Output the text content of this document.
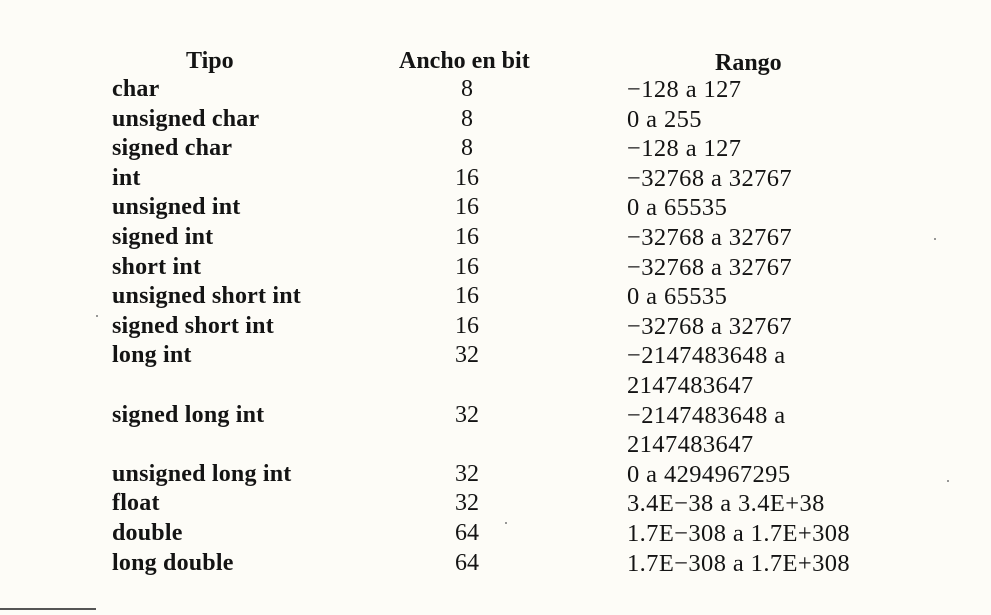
Tipo	Ancho en bit	Rango
char	8	−128 a 127
unsigned char	8	0 a 255
signed char	8	−128 a 127
int	16	−32768 a 32767
unsigned int	16	0 a 65535
signed int	16	−32768 a 32767
short int	16	−32768 a 32767
unsigned short int	16	0 a 65535
signed short int	16	−32768 a 32767
long int	32	−2147483648 a 2147483647
signed long int	32	−2147483648 a 2147483647
unsigned long int	32	0 a 4294967295
float	32	3.4E−38 a 3.4E+38
double	64	1.7E−308 a 1.7E+308
long double	64	1.7E−308 a 1.7E+308
